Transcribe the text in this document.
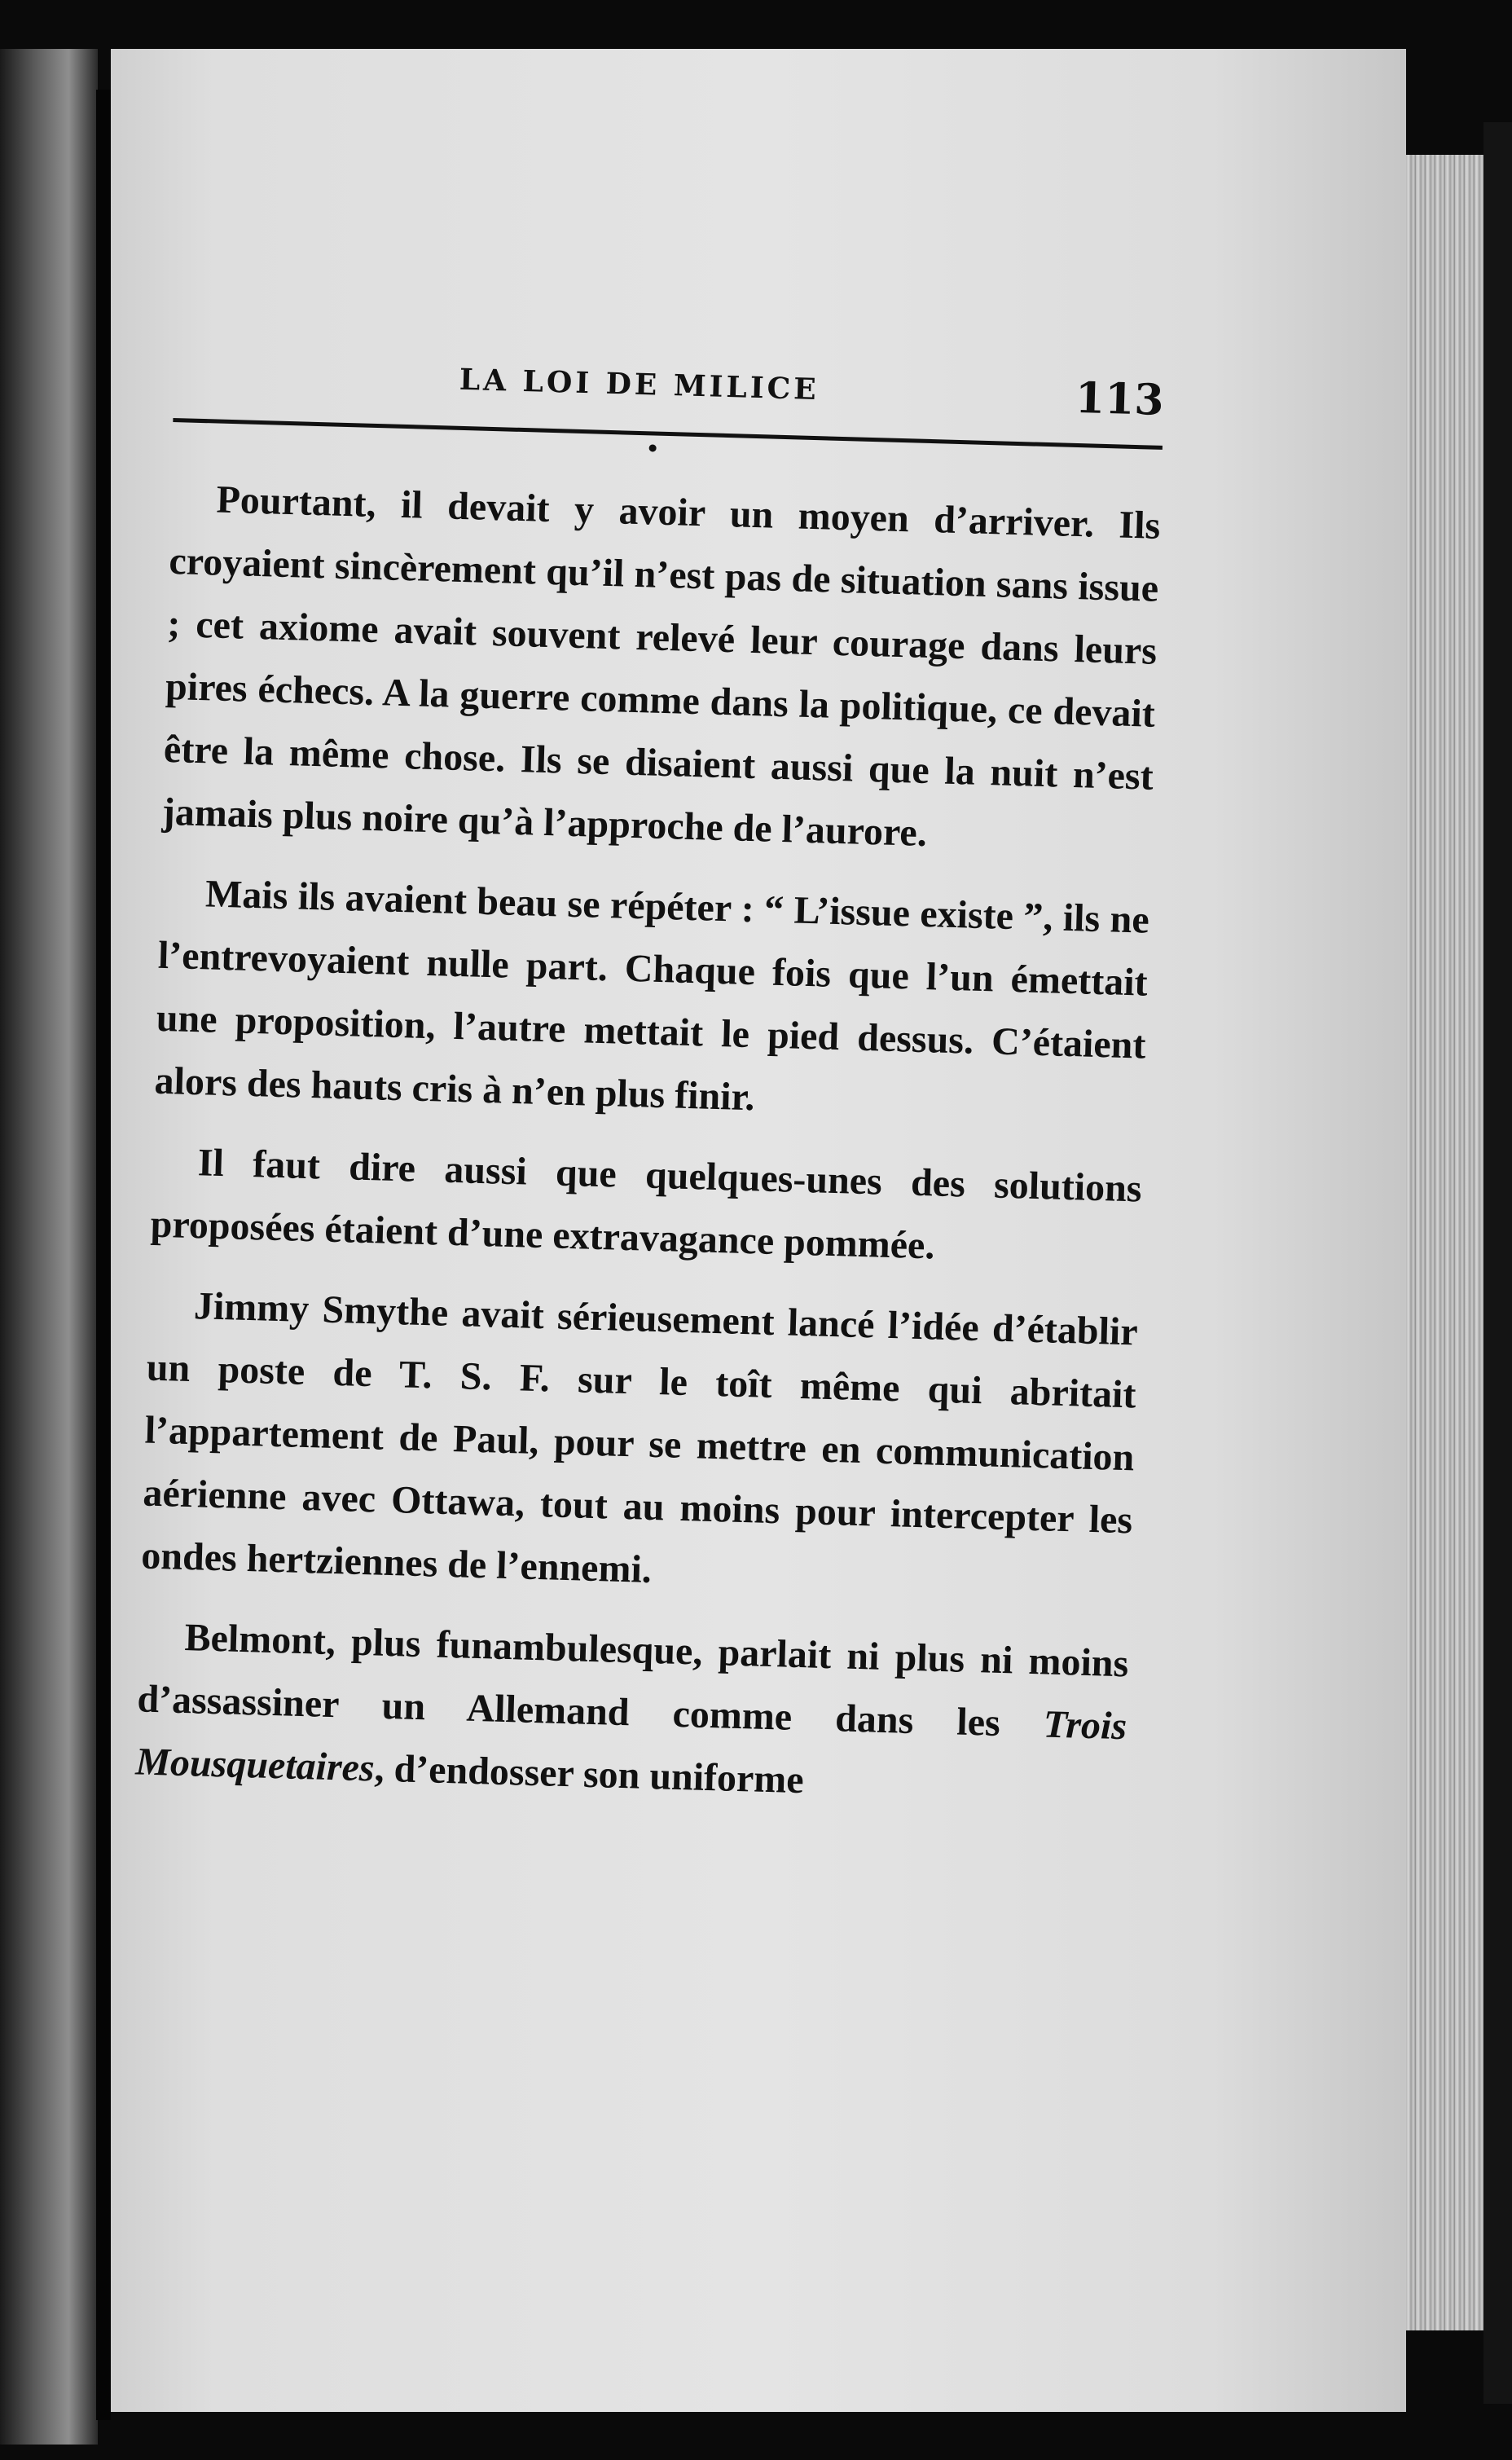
LA LOI DE MILICE	113

Pourtant, il devait y avoir un moyen d’arriver. Ils croyaient sincèrement qu’il n’est pas de situation sans issue ; cet axiome avait souvent relevé leur courage dans leurs pires échecs. A la guerre comme dans la politique, ce devait être la même chose. Ils se disaient aussi que la nuit n’est jamais plus noire qu’à l’approche de l’aurore.

Mais ils avaient beau se répéter : “ L’issue existe ”, ils ne l’entrevoyaient nulle part. Chaque fois que l’un émettait une proposition, l’autre mettait le pied dessus. C’étaient alors des hauts cris à n’en plus finir.

Il faut dire aussi que quelques-unes des solutions proposées étaient d’une extravagance pommée.

Jimmy Smythe avait sérieusement lancé l’idée d’établir un poste de T. S. F. sur le toît même qui abritait l’appartement de Paul, pour se mettre en communication aérienne avec Ottawa, tout au moins pour intercepter les ondes hertziennes de l’ennemi.

Belmont, plus funambulesque, parlait ni plus ni moins d’assassiner un Allemand comme dans les Trois Mousquetaires, d’endosser son uniforme
